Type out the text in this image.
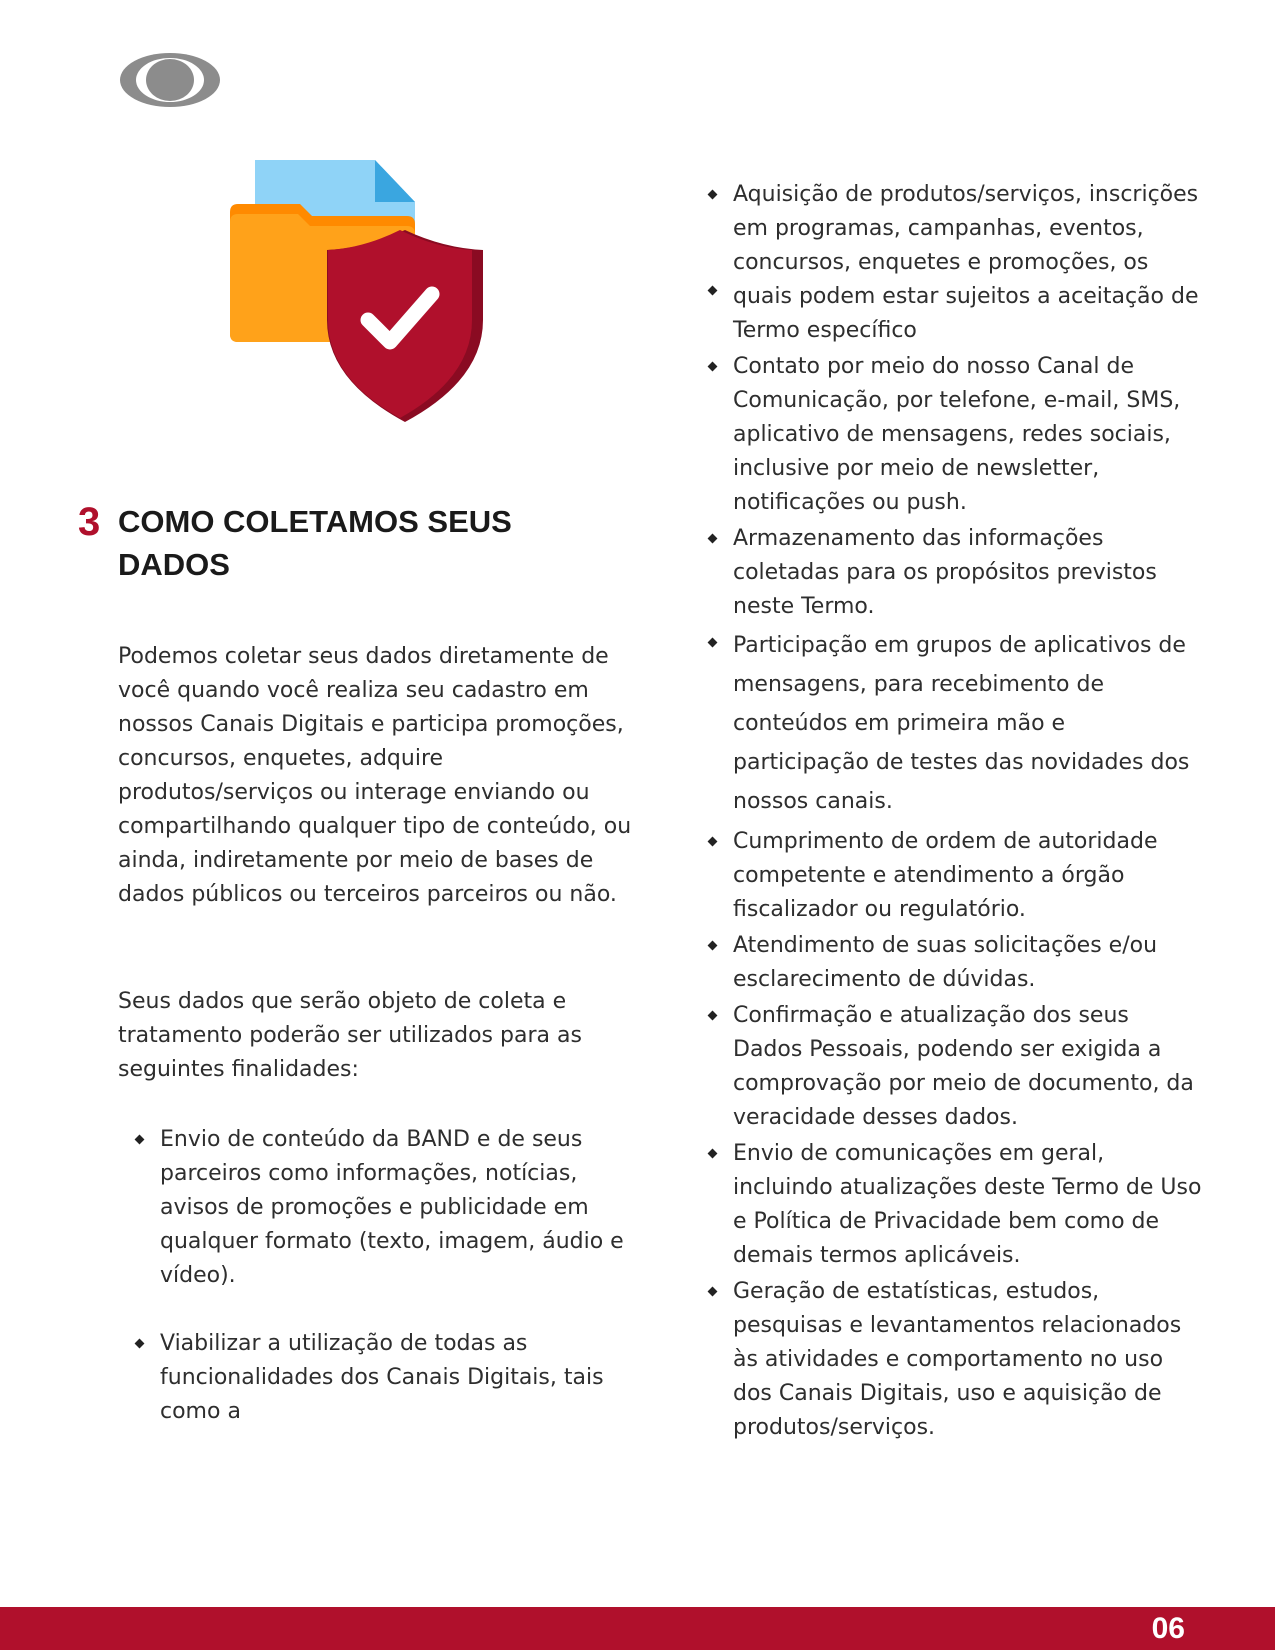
3 COMO COLETAMOS SEUS DADOS

Podemos coletar seus dados diretamente de você quando você realiza seu cadastro em nossos Canais Digitais e participa promoções, concursos, enquetes, adquire produtos/serviços ou interage enviando ou compartilhando qualquer tipo de conteúdo, ou ainda, indiretamente por meio de bases de dados públicos ou terceiros parceiros ou não.

Seus dados que serão objeto de coleta e tratamento poderão ser utilizados para as seguintes finalidades:

Envio de conteúdo da BAND e de seus parceiros como informações, notícias, avisos de promoções e publicidade em qualquer formato (texto, imagem, áudio e vídeo).
Viabilizar a utilização de todas as funcionalidades dos Canais Digitais, tais como a
Aquisição de produtos/serviços, inscrições em programas, campanhas, eventos, concursos, enquetes e promoções, os quais podem estar sujeitos a aceitação de Termo específico
Contato por meio do nosso Canal de Comunicação, por telefone, e-mail, SMS, aplicativo de mensagens, redes sociais, inclusive por meio de newsletter, notificações ou push.
Armazenamento das informações coletadas para os propósitos previstos neste Termo.
Participação em grupos de aplicativos de mensagens, para recebimento de conteúdos em primeira mão e participação de testes das novidades dos nossos canais.
Cumprimento de ordem de autoridade competente e atendimento a órgão fiscalizador ou regulatório.
Atendimento de suas solicitações e/ou esclarecimento de dúvidas.
Confirmação e atualização dos seus Dados Pessoais, podendo ser exigida a comprovação por meio de documento, da veracidade desses dados.
Envio de comunicações em geral, incluindo atualizações deste Termo de Uso e Política de Privacidade bem como de demais termos aplicáveis.
Geração de estatísticas, estudos, pesquisas e levantamentos relacionados às atividades e comportamento no uso dos Canais Digitais, uso e aquisição de produtos/serviços.
06
